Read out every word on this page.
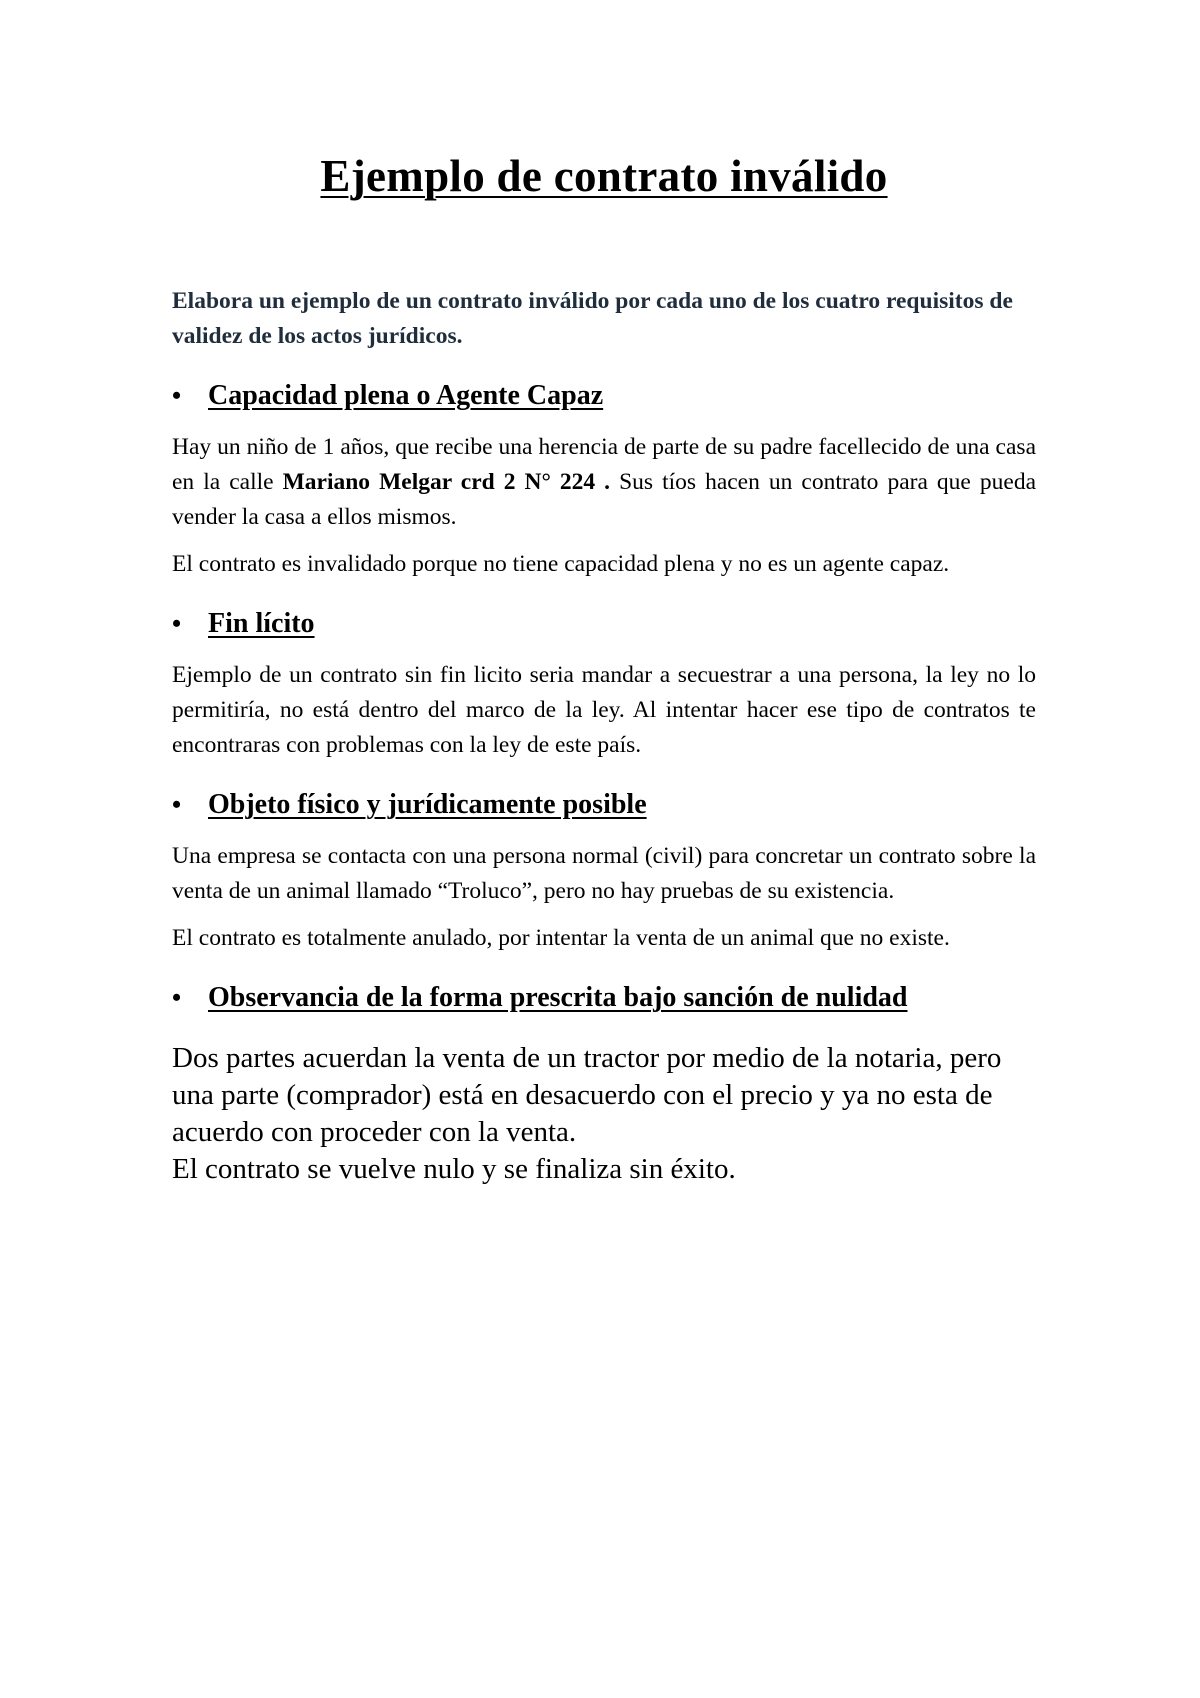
Ejemplo de contrato inválido

Elabora un ejemplo de un contrato inválido por cada uno de los cuatro requisitos de validez de los actos jurídicos.

• Capacidad plena o Agente Capaz

Hay un niño de 1 años, que recibe una herencia de parte de su padre facellecido de una casa en la calle Mariano Melgar crd 2 N° 224 . Sus tíos hacen un contrato para que pueda vender la casa a ellos mismos.

El contrato es invalidado porque no tiene capacidad plena y no es un agente capaz.

• Fin lícito

Ejemplo de un contrato sin fin licito seria mandar a secuestrar a una persona, la ley no lo permitiría, no está dentro del marco de la ley. Al intentar hacer ese tipo de contratos te encontraras con problemas con la ley de este país.

• Objeto físico y jurídicamente posible

Una empresa se contacta con una persona normal (civil) para concretar un contrato sobre la venta de un animal llamado “Troluco”, pero no hay pruebas de su existencia.

El contrato es totalmente anulado, por intentar la venta de un animal que no existe.

• Observancia de la forma prescrita bajo sanción de nulidad

Dos partes acuerdan la venta de un tractor por medio de la notaria, pero una parte (comprador) está en desacuerdo con el precio y ya no esta de acuerdo con proceder con la venta.

El contrato se vuelve nulo y se finaliza sin éxito.
